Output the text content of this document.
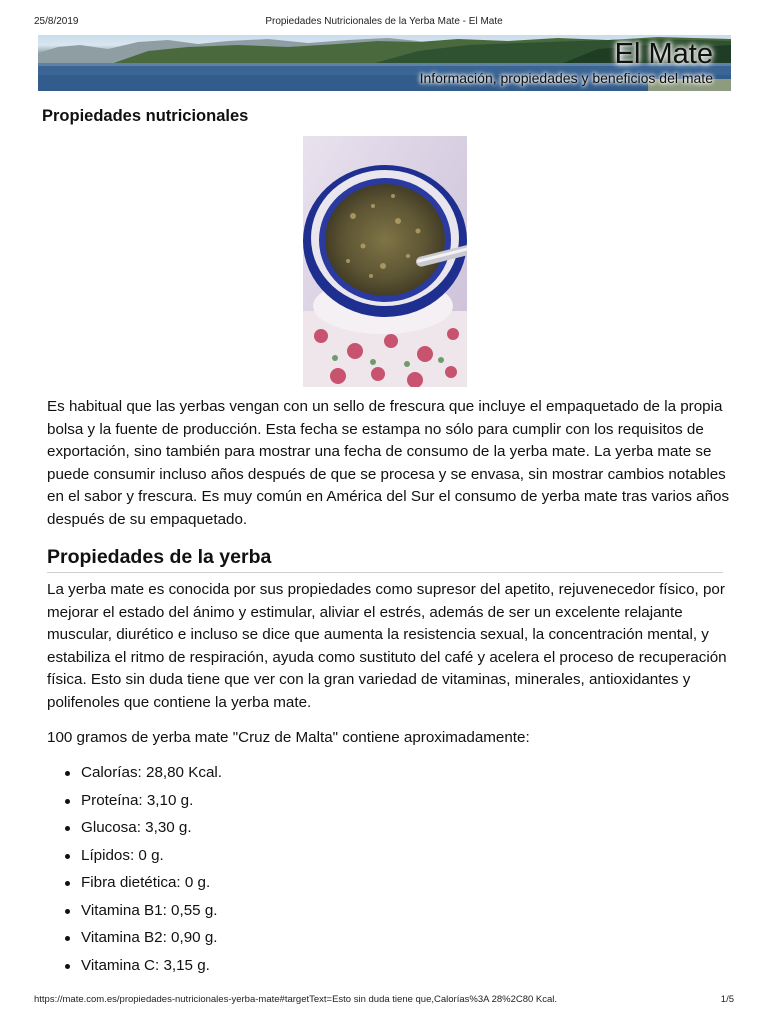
25/8/2019	Propiedades Nutricionales de la Yerba Mate - El Mate
El Mate
Información, propiedades y beneficios del mate
Propiedades nutricionales

Es habitual que las yerbas vengan con un sello de frescura que incluye el empaquetado de la propia bolsa y la fuente de producción. Esta fecha se estampa no sólo para cumplir con los requisitos de exportación, sino también para mostrar una fecha de consumo de la yerba mate. La yerba mate se puede consumir incluso años después de que se procesa y se envasa, sin mostrar cambios notables en el sabor y frescura. Es muy común en América del Sur el consumo de yerba mate tras varios años después de su empaquetado.

Propiedades de la yerba

La yerba mate es conocida por sus propiedades como supresor del apetito, rejuvenecedor físico, por mejorar el estado del ánimo y estimular, aliviar el estrés, además de ser un excelente relajante muscular, diurético e incluso se dice que aumenta la resistencia sexual, la concentración mental, y estabiliza el ritmo de respiración, ayuda como sustituto del café y acelera el proceso de recuperación física. Esto sin duda tiene que ver con la gran variedad de vitaminas, minerales, antioxidantes y polifenoles que contiene la yerba mate.

100 gramos de yerba mate "Cruz de Malta" contiene aproximadamente:

Calorías: 28,80 Kcal.
Proteína: 3,10 g.
Glucosa: 3,30 g.
Lípidos: 0 g.
Fibra dietética: 0 g.
Vitamina B1: 0,55 g.
Vitamina B2: 0,90 g.
Vitamina C: 3,15 g.
https://mate.com.es/propiedades-nutricionales-yerba-mate#targetText=Esto sin duda tiene que,Calorías%3A 28%2C80 Kcal.	1/5
